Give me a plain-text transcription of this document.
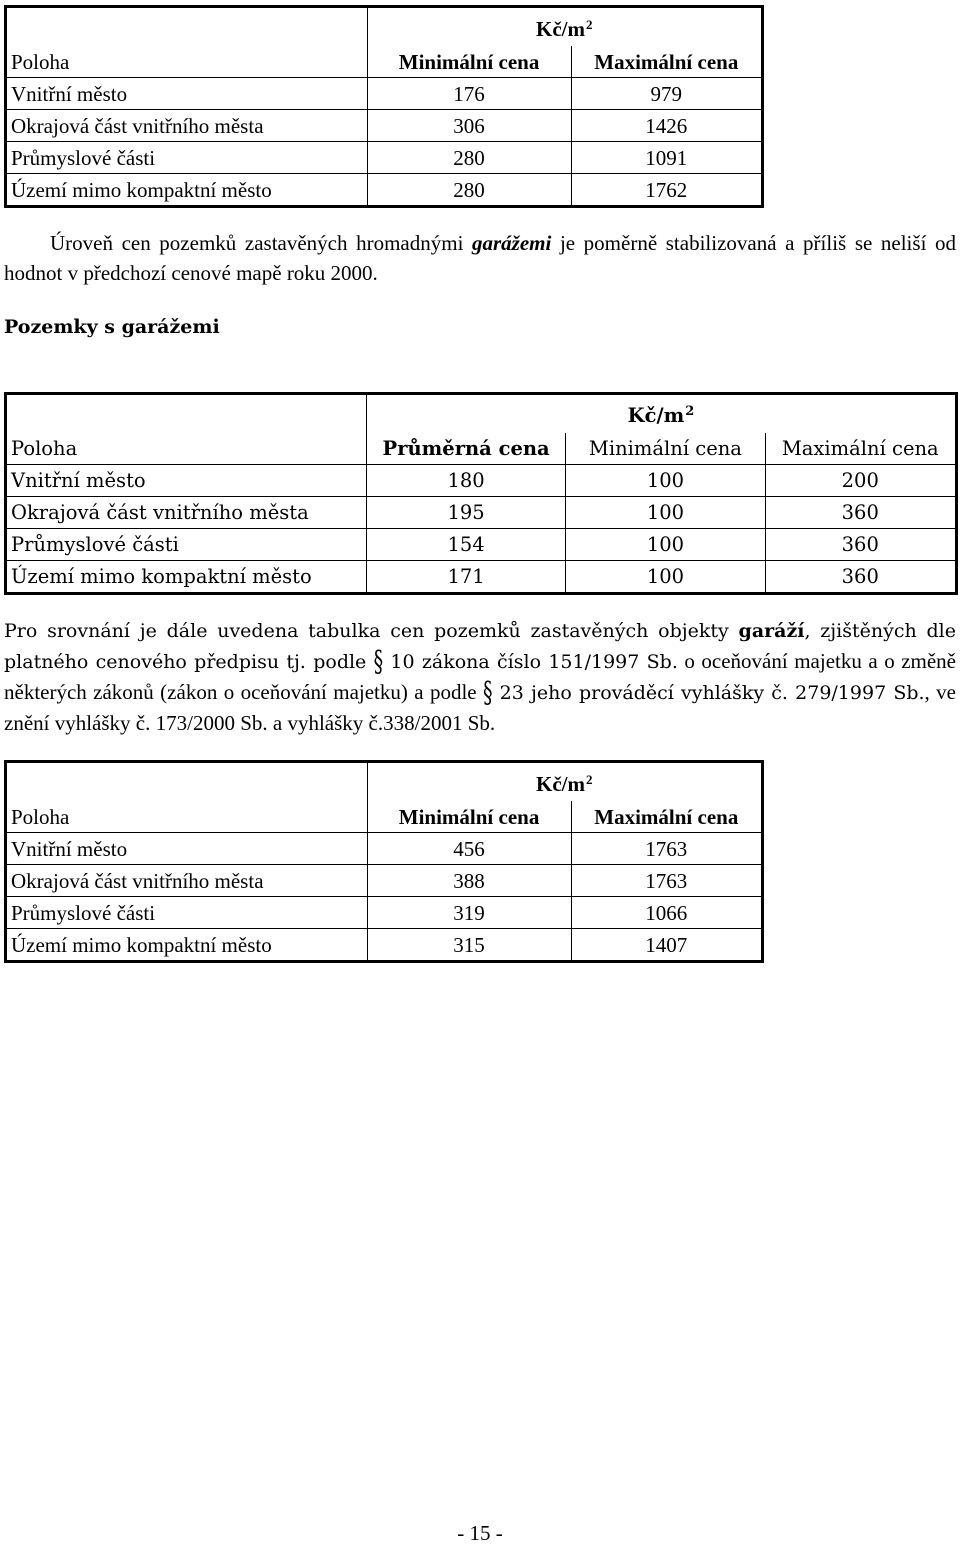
	$Kč/m^2$
Poloha	Minimální cena	Maximální cena
Vnitřní město	176	979
Okrajová část vnitřního města	306	1426
Průmyslové části	280	1091
Území mimo kompaktní město	280	1762
Úroveň cen pozemků zastavěných hromadnými garážemi je poměrně stabilizovaná a příliš se neliší od hodnot v předchozí cenové mapě roku 2000.
Pozemky s garážemi
	$Kč/m^2$
Poloha	Průměrná cena	Minimální cena	Maximální cena
Vnitřní město	180	100	200
Okrajová část vnitřního města	195	100	360
Průmyslové části	154	100	360
Území mimo kompaktní město	171	100	360
Pro srovnání je dále uvedena tabulka cen pozemků zastavěných objekty garáží, zjištěných dle platného cenového předpisu tj. podle § 10 zákona číslo 151/1997 Sb. o oceňování majetku a o změně některých zákonů (zákon o oceňování majetku) a podle § 23 jeho prováděcí vyhlášky č. 279/1997 Sb., ve znění vyhlášky č. 173/2000 Sb. a vyhlášky č.338/2001 Sb.
	$Kč/m^2$
Poloha	Minimální cena	Maximální cena
Vnitřní město	456	1763
Okrajová část vnitřního města	388	1763
Průmyslové části	319	1066
Území mimo kompaktní město	315	1407
- 15 -
